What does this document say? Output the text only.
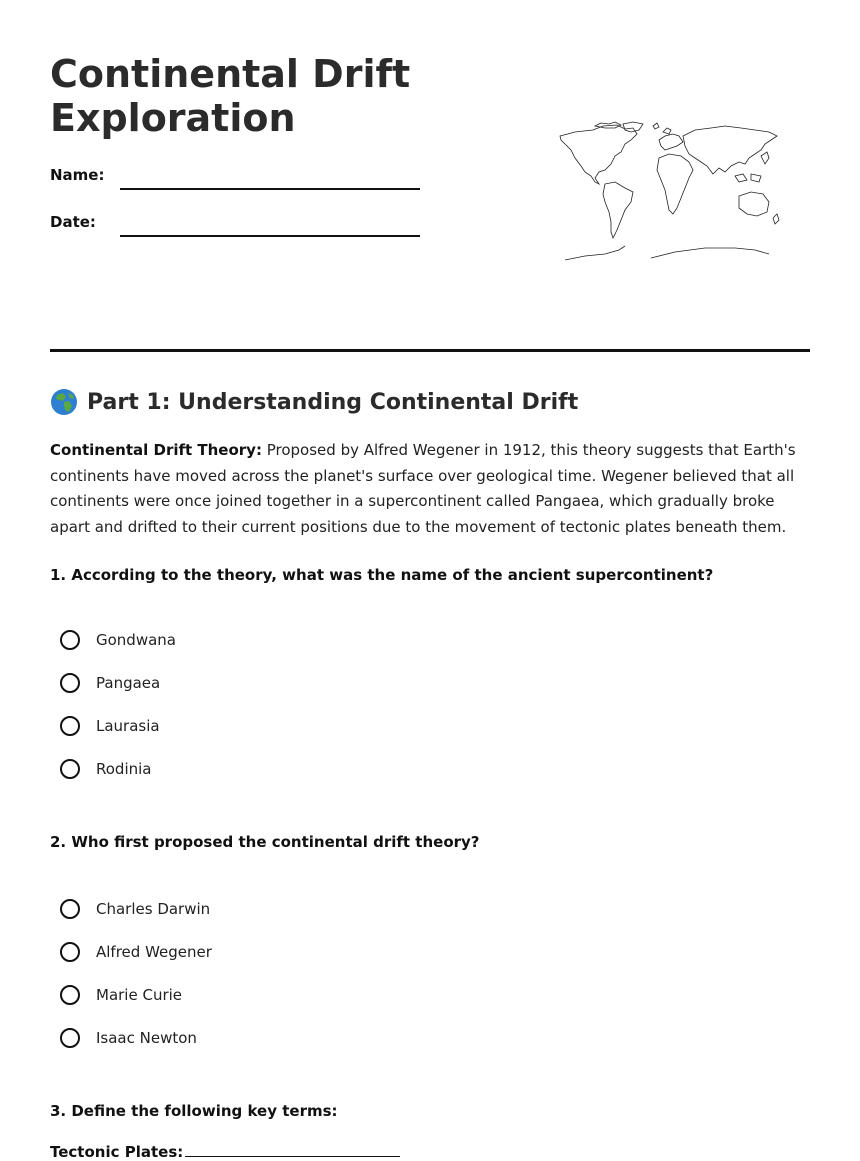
Continental Drift Exploration
Name:
Date:
Part 1: Understanding Continental Drift

Continental Drift Theory: Proposed by Alfred Wegener in 1912, this theory suggests that Earth's continents have moved across the planet's surface over geological time. Wegener believed that all continents were once joined together in a supercontinent called Pangaea, which gradually broke apart and drifted to their current positions due to the movement of tectonic plates beneath them.

1. According to the theory, what was the name of the ancient supercontinent?

Gondwana
Pangaea
Laurasia
Rodinia

2. Who first proposed the continental drift theory?

Charles Darwin
Alfred Wegener
Marie Curie
Isaac Newton

3. Define the following key terms:

Tectonic Plates:
